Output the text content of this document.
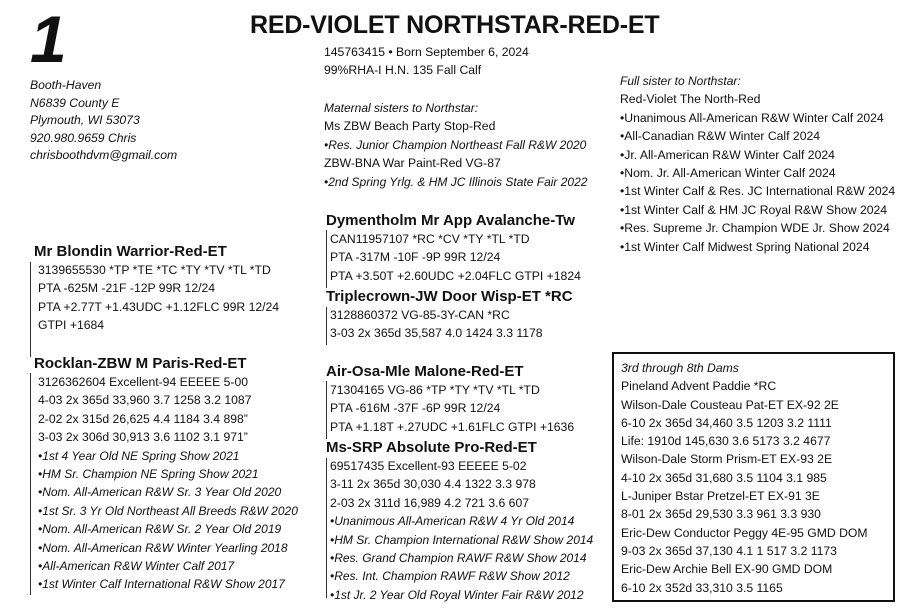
1	RED-VIOLET NORTHSTAR-RED-ET
145763415 • Born September 6, 2024
99%RHA-I H.N. 135 Fall Calf
Booth-Haven
N6839 County E
Plymouth, WI 53073
920.980.9659 Chris
chrisboothdvm@gmail.com
Maternal sisters to Northstar:
Ms ZBW Beach Party Stop-Red
•Res. Junior Champion Northeast Fall R&W 2020
ZBW-BNA War Paint-Red VG-87
•2nd Spring Yrlg. & HM JC Illinois State Fair 2022
Full sister to Northstar:
Red-Violet The North-Red
•Unanimous All-American R&W Winter Calf 2024
•All-Canadian R&W Winter Calf 2024
•Jr. All-American R&W Winter Calf 2024
•Nom. Jr. All-American Winter Calf 2024
•1st Winter Calf & Res. JC International R&W 2024
•1st Winter Calf & HM JC Royal R&W Show 2024
•Res. Supreme Jr. Champion WDE Jr. Show 2024
•1st Winter Calf Midwest Spring National 2024
Mr Blondin Warrior-Red-ET
3139655530 *TP *TE *TC *TY *TV *TL *TD
PTA -625M -21F -12P 99R 12/24
PTA +2.77T +1.43UDC +1.12FLC 99R 12/24
GTPI +1684
Rocklan-ZBW M Paris-Red-ET
3126362604 Excellent-94 EEEEE 5-00
4-03 2x 365d 33,960 3.7 1258 3.2 1087
2-02 2x 315d 26,625 4.4 1184 3.4 898”
3-03 2x 306d 30,913 3.6 1102 3.1 971”
•1st 4 Year Old NE Spring Show 2021
•HM Sr. Champion NE Spring Show 2021
•Nom. All-American R&W Sr. 3 Year Old 2020
•1st Sr. 3 Yr Old Northeast All Breeds R&W 2020
•Nom. All-American R&W Sr. 2 Year Old 2019
•Nom. All-American R&W Winter Yearling 2018
•All-American R&W Winter Calf 2017
•1st Winter Calf International R&W Show 2017
Dymentholm Mr App Avalanche-Tw
CAN11957107 *RC *CV *TY *TL *TD
PTA -317M -10F -9P 99R 12/24
PTA +3.50T +2.60UDC +2.04FLC GTPI +1824
Triplecrown-JW Door Wisp-ET *RC
3128860372 VG-85-3Y-CAN *RC
3-03 2x 365d 35,587 4.0 1424 3.3 1178
Air-Osa-Mle Malone-Red-ET
71304165 VG-86 *TP *TY *TV *TL *TD
PTA -616M -37F -6P 99R 12/24
PTA +1.18T +.27UDC +1.61FLC GTPI +1636
Ms-SRP Absolute Pro-Red-ET
69517435 Excellent-93 EEEEE 5-02
3-11 2x 365d 30,030 4.4 1322 3.3 978
2-03 2x 311d 16,989 4.2 721 3.6 607
•Unanimous All-American R&W 4 Yr Old 2014
•HM Sr. Champion International R&W Show 2014
•Res. Grand Champion RAWF R&W Show 2014
•Res. Int. Champion RAWF R&W Show 2012
•1st Jr. 2 Year Old Royal Winter Fair R&W 2012
3rd through 8th Dams
Pineland Advent Paddie *RC
Wilson-Dale Cousteau Pat-ET EX-92 2E
6-10 2x 365d 34,460 3.5 1203 3.2 1111
Life: 1910d 145,630 3.6 5173 3.2 4677
Wilson-Dale Storm Prism-ET EX-93 2E
4-10 2x 365d 31,680 3.5 1104 3.1 985
L-Juniper Bstar Pretzel-ET EX-91 3E
8-01 2x 365d 29,530 3.3 961 3.3 930
Eric-Dew Conductor Peggy 4E-95 GMD DOM
9-03 2x 365d 37,130 4.1 1 517 3.2 1173
Eric-Dew Archie Bell EX-90 GMD DOM
6-10 2x 352d 33,310 3.5 1165
